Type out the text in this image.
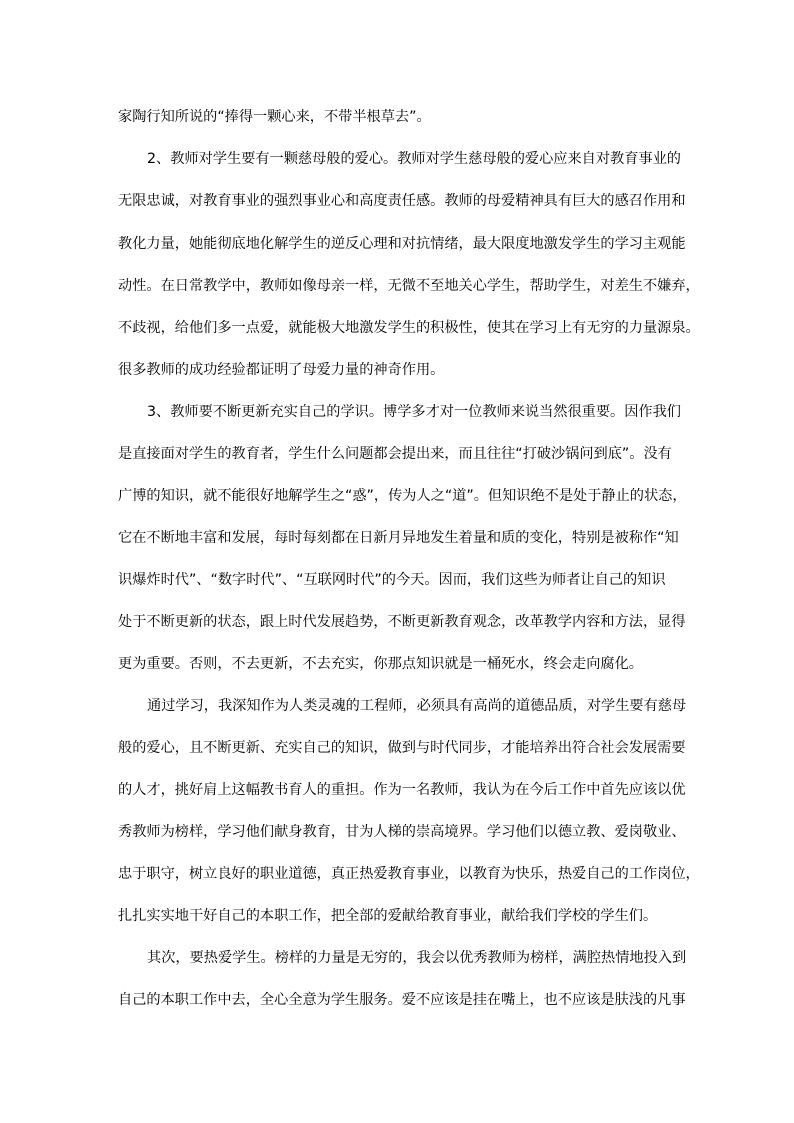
家陶行知所说的“捧得一颗心来，不带半根草去”。
2、教师对学生要有一颗慈母般的爱心。教师对学生慈母般的爱心应来自对教育事业的
无限忠诚，对教育事业的强烈事业心和高度责任感。教师的母爱精神具有巨大的感召作用和
教化力量，她能彻底地化解学生的逆反心理和对抗情绪，最大限度地激发学生的学习主观能
动性。在日常教学中，教师如像母亲一样，无微不至地关心学生，帮助学生，对差生不嫌弃，
不歧视，给他们多一点爱，就能极大地激发学生的积极性，使其在学习上有无穷的力量源泉。
很多教师的成功经验都证明了母爱力量的神奇作用。
3、教师要不断更新充实自己的学识。博学多才对一位教师来说当然很重要。因作我们
是直接面对学生的教育者，学生什么问题都会提出来，而且往往“打破沙锅问到底”。没有
广博的知识，就不能很好地解学生之“惑”，传为人之“道”。但知识绝不是处于静止的状态，
它在不断地丰富和发展，每时每刻都在日新月异地发生着量和质的变化，特别是被称作“知
识爆炸时代”、“数字时代”、“互联网时代”的今天。因而，我们这些为师者让自己的知识
处于不断更新的状态，跟上时代发展趋势，不断更新教育观念，改革教学内容和方法，显得
更为重要。否则，不去更新，不去充实，你那点知识就是一桶死水，终会走向腐化。
通过学习，我深知作为人类灵魂的工程师，必须具有高尚的道德品质，对学生要有慈母
般的爱心，且不断更新、充实自己的知识，做到与时代同步，才能培养出符合社会发展需要
的人才，挑好肩上这幅教书育人的重担。作为一名教师，我认为在今后工作中首先应该以优
秀教师为榜样，学习他们献身教育，甘为人梯的崇高境界。学习他们以德立教、爱岗敬业、
忠于职守，树立良好的职业道德，真正热爱教育事业，以教育为快乐，热爱自己的工作岗位，
扎扎实实地干好自己的本职工作，把全部的爱献给教育事业，献给我们学校的学生们。
其次，要热爱学生。榜样的力量是无穷的，我会以优秀教师为榜样，满腔热情地投入到
自己的本职工作中去，全心全意为学生服务。爱不应该是挂在嘴上，也不应该是肤浅的凡事
